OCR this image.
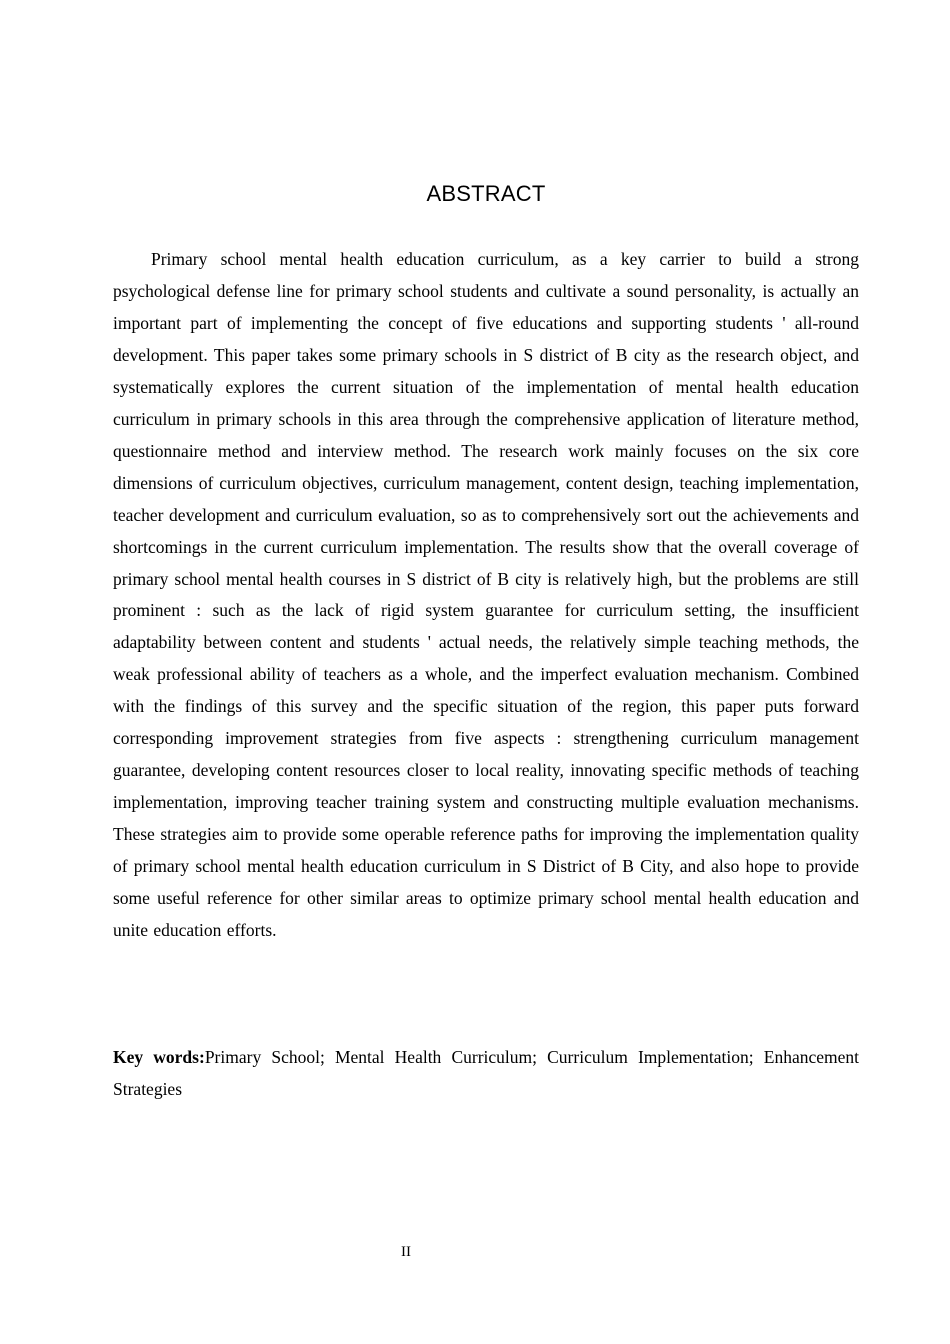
ABSTRACT

Primary school mental health education curriculum, as a key carrier to build a strong psychological defense line for primary school students and cultivate a sound personality, is actually an important part of implementing the concept of five educations and supporting students ' all-round development. This paper takes some primary schools in S district of B city as the research object, and systematically explores the current situation of the implementation of mental health education curriculum in primary schools in this area through the comprehensive application of literature method, questionnaire method and interview method. The research work mainly focuses on the six core dimensions of curriculum objectives, curriculum management, content design, teaching implementation, teacher development and curriculum evaluation, so as to comprehensively sort out the achievements and shortcomings in the current curriculum implementation. The results show that the overall coverage of primary school mental health courses in S district of B city is relatively high, but the problems are still prominent : such as the lack of rigid system guarantee for curriculum setting, the insufficient adaptability between content and students ' actual needs, the relatively simple teaching methods, the weak professional ability of teachers as a whole, and the imperfect evaluation mechanism. Combined with the findings of this survey and the specific situation of the region, this paper puts forward corresponding improvement strategies from five aspects : strengthening curriculum management guarantee, developing content resources closer to local reality, innovating specific methods of teaching implementation, improving teacher training system and constructing multiple evaluation mechanisms. These strategies aim to provide some operable reference paths for improving the implementation quality of primary school mental health education curriculum in S District of B City, and also hope to provide some useful reference for other similar areas to optimize primary school mental health education and unite education efforts.

Key words:Primary School; Mental Health Curriculum; Curriculum Implementation; Enhancement Strategies

II
